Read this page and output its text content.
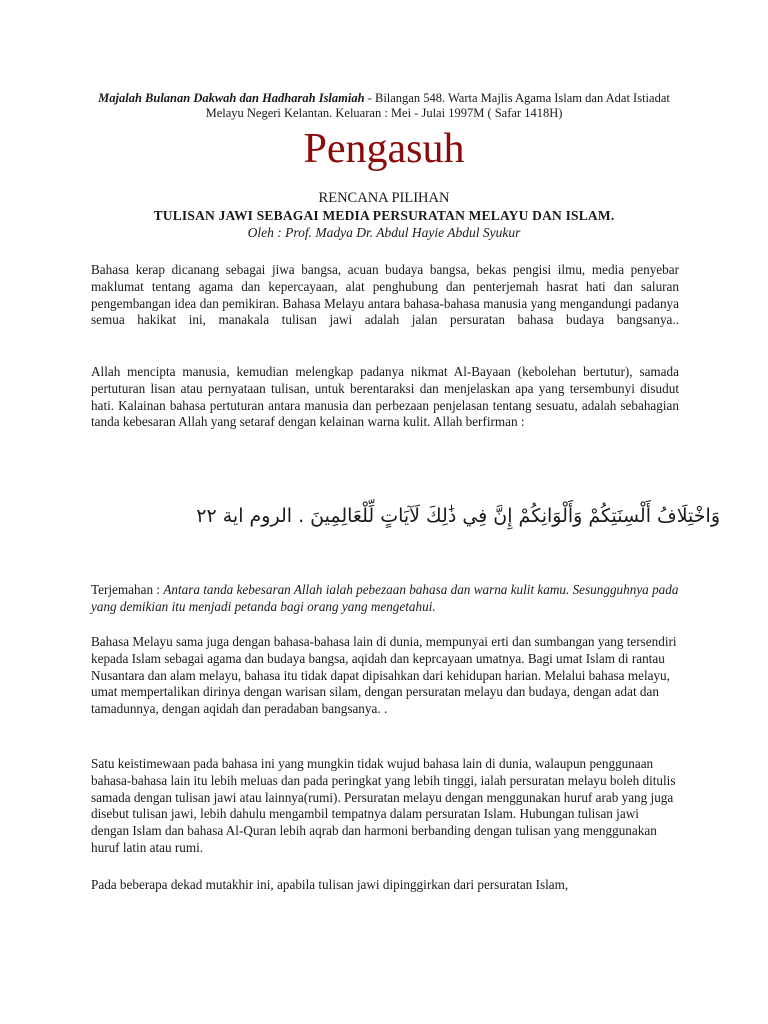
Majalah Bulanan Dakwah dan Hadharah Islamiah - Bilangan 548. Warta Majlis Agama Islam dan Adat Istiadat Melayu Negeri Kelantan. Keluaran : Mei - Julai 1997M ( Safar 1418H)
Pengasuh
RENCANA PILIHAN
TULISAN JAWI SEBAGAI MEDIA PERSURATAN MELAYU DAN ISLAM.
Oleh : Prof. Madya Dr. Abdul Hayie Abdul Syukur
Bahasa kerap dicanang sebagai jiwa bangsa, acuan budaya bangsa, bekas pengisi ilmu, media penyebar maklumat tentang agama dan kepercayaan, alat penghubung dan penterjemah hasrat hati dan saluran pengembangan idea dan pemikiran. Bahasa Melayu antara bahasa-bahasa manusia yang mengandungi padanya semua hakikat ini, manakala tulisan jawi adalah jalan persuratan bahasa budaya bangsanya..
Allah mencipta manusia, kemudian melengkap padanya nikmat Al-Bayaan (kebolehan bertutur), samada pertuturan lisan atau pernyataan tulisan, untuk berentaraksi dan menjelaskan apa yang tersembunyi disudut hati. Kalainan bahasa pertuturan antara manusia dan perbezaan penjelasan tentang sesuatu, adalah sebahagian tanda kebesaran Allah yang setaraf dengan kelainan warna kulit. Allah berfirman :
وَاخْتِلَافُ أَلْسِنَتِكُمْ وَأَلْوَانِكُمْ إِنَّ فِي ذَٰلِكَ لَآيَاتٍ لِّلْعَالِمِينَ . الروم اية ٢٢
Terjemahan : Antara tanda kebesaran Allah ialah pebezaan bahasa dan warna kulit kamu. Sesungguhnya pada yang demikian itu menjadi petanda bagi orang yang mengetahui.
Bahasa Melayu sama juga dengan bahasa-bahasa lain di dunia, mempunyai erti dan sumbangan yang tersendiri kepada Islam sebagai agama dan budaya bangsa, aqidah dan keprcayaan umatnya. Bagi umat Islam di rantau Nusantara dan alam melayu, bahasa itu tidak dapat dipisahkan dari kehidupan harian. Melalui bahasa melayu, umat mempertalikan dirinya dengan warisan silam, dengan persuratan melayu dan budaya, dengan adat dan tamadunnya, dengan aqidah dan peradaban bangsanya. .
Satu keistimewaan pada bahasa ini yang mungkin tidak wujud bahasa lain di dunia, walaupun penggunaan bahasa-bahasa lain itu lebih meluas dan pada peringkat yang lebih tinggi, ialah persuratan melayu boleh ditulis samada dengan tulisan jawi atau lainnya(rumi). Persuratan melayu dengan menggunakan huruf arab yang juga disebut tulisan jawi, lebih dahulu mengambil tempatnya dalam persuratan Islam. Hubungan tulisan jawi dengan Islam dan bahasa Al-Quran lebih aqrab dan harmoni berbanding dengan tulisan yang menggunakan huruf latin atau rumi.
Pada beberapa dekad mutakhir ini, apabila tulisan jawi dipinggirkan dari persuratan Islam,
